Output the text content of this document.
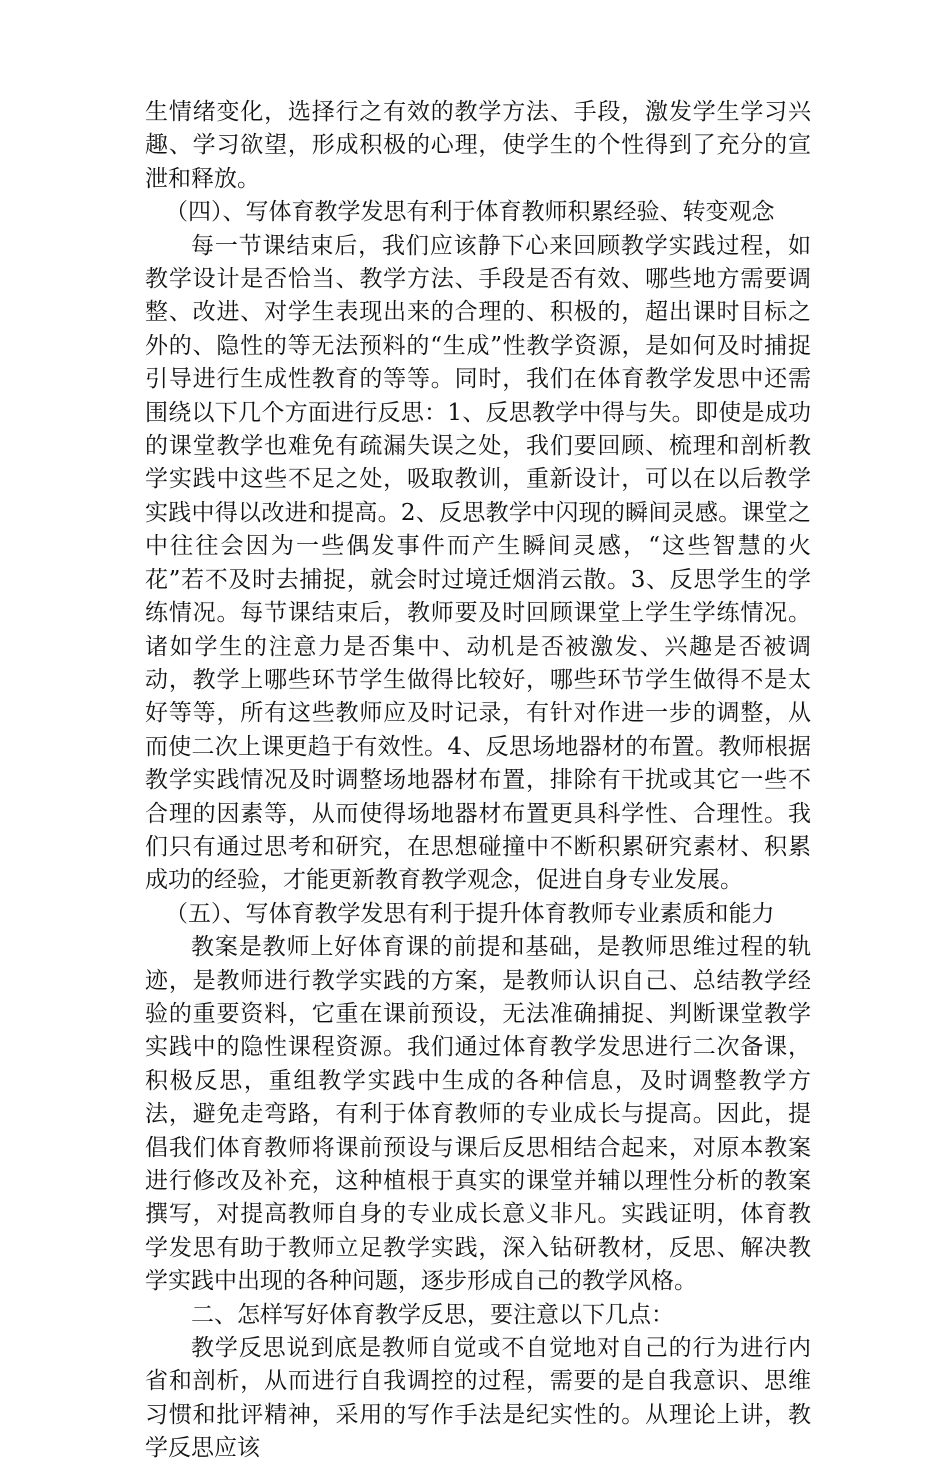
生情绪变化，选择行之有效的教学方法、手段，激发学生学习兴趣、学习欲望，形成积极的心理，使学生的个性得到了充分的宣泄和释放。

（四）、写体育教学发思有利于体育教师积累经验、转变观念

每一节课结束后，我们应该静下心来回顾教学实践过程，如教学设计是否恰当、教学方法、手段是否有效、哪些地方需要调整、改进、对学生表现出来的合理的、积极的，超出课时目标之外的、隐性的等无法预料的“生成”性教学资源，是如何及时捕捉引导进行生成性教育的等等。同时，我们在体育教学发思中还需围绕以下几个方面进行反思：1、反思教学中得与失。即使是成功的课堂教学也难免有疏漏失误之处，我们要回顾、梳理和剖析教学实践中这些不足之处，吸取教训，重新设计，可以在以后教学实践中得以改进和提高。2、反思教学中闪现的瞬间灵感。课堂之中往往会因为一些偶发事件而产生瞬间灵感，“这些智慧的火花”若不及时去捕捉，就会时过境迁烟消云散。3、反思学生的学练情况。每节课结束后，教师要及时回顾课堂上学生学练情况。诸如学生的注意力是否集中、动机是否被激发、兴趣是否被调动，教学上哪些环节学生做得比较好，哪些环节学生做得不是太好等等，所有这些教师应及时记录，有针对作进一步的调整，从而使二次上课更趋于有效性。4、反思场地器材的布置。教师根据教学实践情况及时调整场地器材布置，排除有干扰或其它一些不合理的因素等，从而使得场地器材布置更具科学性、合理性。我们只有通过思考和研究，在思想碰撞中不断积累研究素材、积累成功的经验，才能更新教育教学观念，促进自身专业发展。

（五）、写体育教学发思有利于提升体育教师专业素质和能力

教案是教师上好体育课的前提和基础，是教师思维过程的轨迹，是教师进行教学实践的方案，是教师认识自己、总结教学经验的重要资料，它重在课前预设，无法准确捕捉、判断课堂教学实践中的隐性课程资源。我们通过体育教学发思进行二次备课，积极反思，重组教学实践中生成的各种信息，及时调整教学方法，避免走弯路，有利于体育教师的专业成长与提高。因此，提倡我们体育教师将课前预设与课后反思相结合起来，对原本教案进行修改及补充，这种植根于真实的课堂并辅以理性分析的教案撰写，对提高教师自身的专业成长意义非凡。实践证明，体育教学发思有助于教师立足教学实践，深入钻研教材，反思、解决教学实践中出现的各种问题，逐步形成自己的教学风格。

二、怎样写好体育教学反思，要注意以下几点：

教学反思说到底是教师自觉或不自觉地对自己的行为进行内省和剖析，从而进行自我调控的过程，需要的是自我意识、思维习惯和批评精神，采用的写作手法是纪实性的。从理论上讲，教学反思应该
